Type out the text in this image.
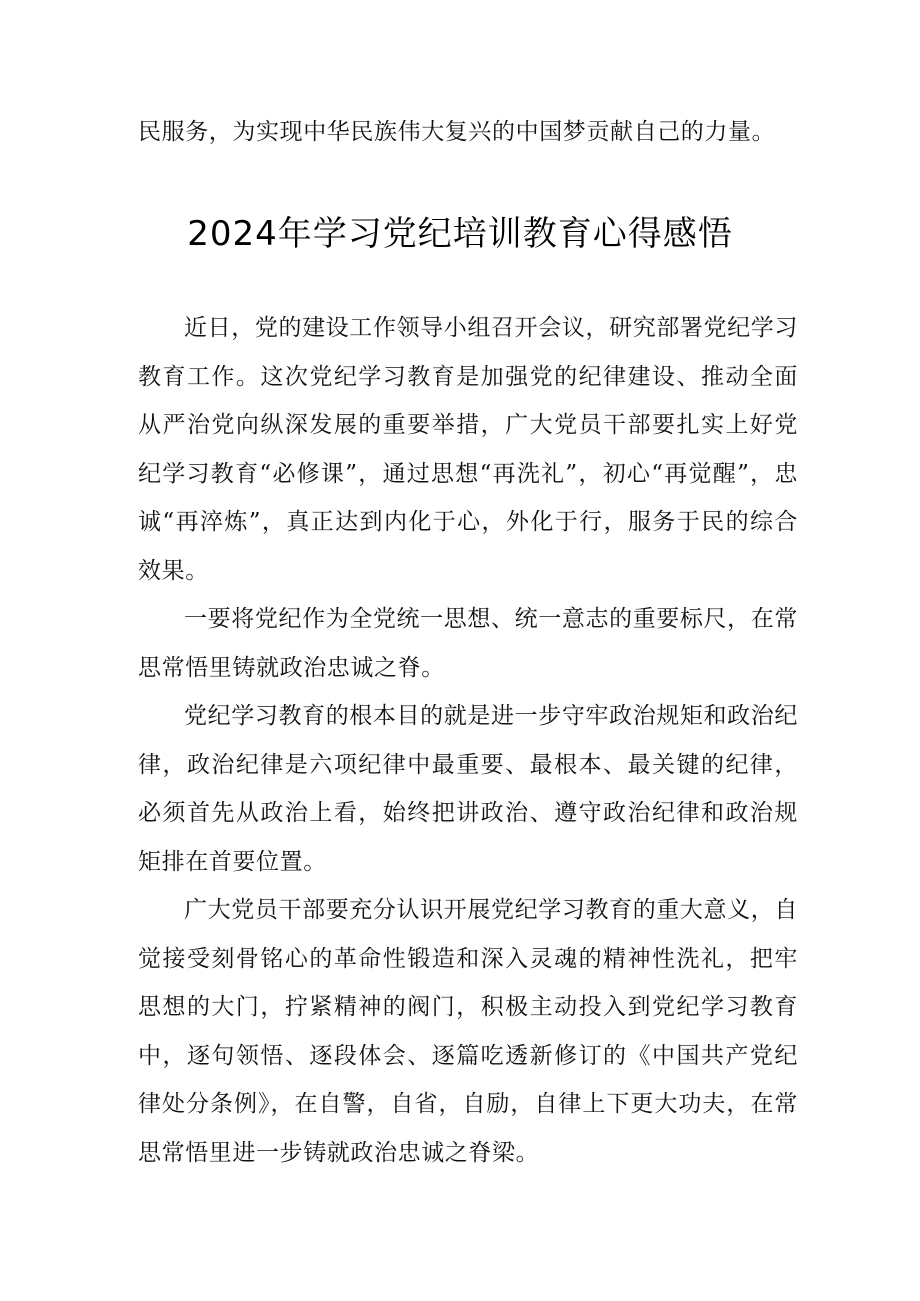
民服务，为实现中华民族伟大复兴的中国梦贡献自己的力量。

2024年学习党纪培训教育心得感悟

近日，党的建设工作领导小组召开会议，研究部署党纪学习教育工作。这次党纪学习教育是加强党的纪律建设、推动全面从严治党向纵深发展的重要举措，广大党员干部要扎实上好党纪学习教育“必修课”，通过思想“再洗礼”，初心“再觉醒”，忠诚“再淬炼”，真正达到内化于心，外化于行，服务于民的综合效果。

一要将党纪作为全党统一思想、统一意志的重要标尺，在常思常悟里铸就政治忠诚之脊。

党纪学习教育的根本目的就是进一步守牢政治规矩和政治纪律，政治纪律是六项纪律中最重要、最根本、最关键的纪律，必须首先从政治上看，始终把讲政治、遵守政治纪律和政治规矩排在首要位置。

广大党员干部要充分认识开展党纪学习教育的重大意义，自觉接受刻骨铭心的革命性锻造和深入灵魂的精神性洗礼，把牢思想的大门，拧紧精神的阀门，积极主动投入到党纪学习教育中，逐句领悟、逐段体会、逐篇吃透新修订的《中国共产党纪律处分条例》，在自警，自省，自励，自律上下更大功夫，在常思常悟里进一步铸就政治忠诚之脊梁。
